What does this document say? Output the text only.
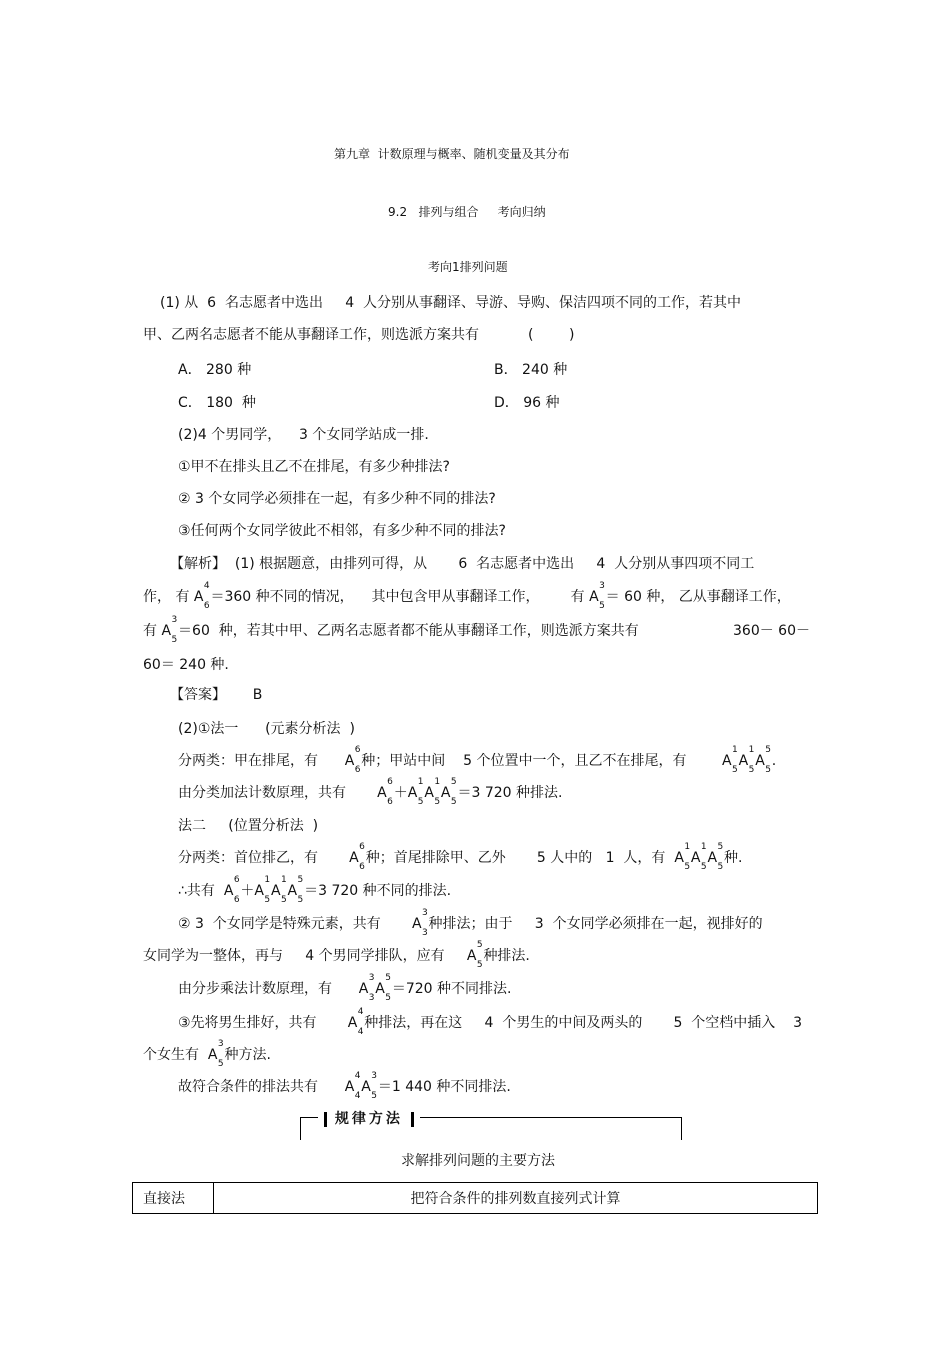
第九章  计数原理与概率、随机变量及其分布
9.2   排列与组合     考向归纳
考向1排列问题
(1) 从  6  名志愿者中选出     4  人分别从事翻译、导游、导购、保洁四项不同的工作，若其中
甲、乙两名志愿者不能从事翻译工作，则选派方案共有           (        )
A． 280 种	B． 240 种
C． 180  种	D． 96 种
(2)4 个男同学，    3 个女同学站成一排.
①甲不在排头且乙不在排尾，有多少种排法?
② 3 个女同学必须排在一起，有多少种不同的排法?
③任何两个女同学彼此不相邻，有多少种不同的排法?
【解析】  (1) 根据题意，由排列可得，从       6  名志愿者中选出     4  人分别从事四项不同工
作， 有 A
4
6
＝360 种不同的情况，    其中包含甲从事翻译工作，       有 A
3
5
＝ 60 种， 乙从事翻译工作，
有 A
3
5
＝60  种，若其中甲、乙两名志愿者都不能从事翻译工作，则选派方案共有	360－ 60－
60＝ 240 种.
【答案】 B
(2)①法一      (元素分析法  )
分两类：甲在排尾，有      A
6
6
种；甲站中间    5 个位置中一个，且乙不在排尾，有        A
1
5
A
1
5
A
5
5
.
由分类加法计数原理，共有       A
6
6
＋A
1
5
A
1
5
A
5
5
＝3 720 种排法.
法二     (位置分析法  )
分两类：首位排乙，有       A
6
6
种；首尾排除甲、乙外       5 人中的   1  人，有  A
1
5
A
1
5
A
5
5
种.
∴共有  A
6
6
＋A
1
5
A
1
5
A
5
5
＝3 720 种不同的排法.
② 3  个女同学是特殊元素，共有       A
3
3
种排法；由于     3  个女同学必须排在一起，视排好的
女同学为一整体，再与     4 个男同学排队，应有     A
5
5
种排法.
由分步乘法计数原理，有      A
3
3
A
5
5
＝720 种不同排法.
③先将男生排好，共有       A
4
4
种排法，再在这     4  个男生的中间及两头的       5  个空档中插入    3
个女生有  A
3
5
种方法.
故符合条件的排法共有      A
4
4
A
3
5
＝1 440 种不同排法.
规律方法
求解排列问题的主要方法
直接法	把符合条件的排列数直接列式计算
